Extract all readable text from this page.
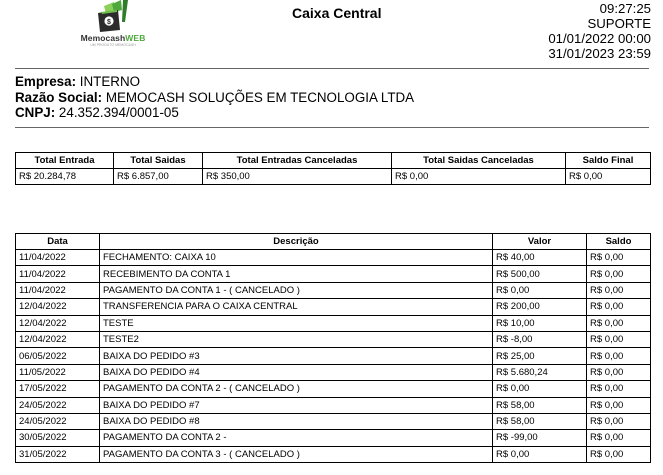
$
MemocashWEB
UM PRODUTO MEMOCASH
Caixa Central	09:27:25
SUPORTE
01/01/2022 00:00
31/01/2023 23:59
Empresa: INTERNO
Razão Social: MEMOCASH SOLUÇÕES EM TECNOLOGIA LTDA
CNPJ: 24.352.394/0001-05
Total Entrada	Total Saidas	Total Entradas Canceladas	Total Saidas Canceladas	Saldo Final
R$ 20.284,78	R$ 6.857,00	R$ 350,00	R$ 0,00	R$ 0,00
Data	Descrição	Valor	Saldo
11/04/2022	FECHAMENTO: CAIXA 10	R$ 40,00	R$ 0,00
11/04/2022	RECEBIMENTO DA CONTA 1	R$ 500,00	R$ 0,00
11/04/2022	PAGAMENTO DA CONTA 1 - ( CANCELADO )	R$ 0,00	R$ 0,00
12/04/2022	TRANSFERENCIA PARA O CAIXA CENTRAL	R$ 200,00	R$ 0,00
12/04/2022	TESTE	R$ 10,00	R$ 0,00
12/04/2022	TESTE2	R$ -8,00	R$ 0,00
06/05/2022	BAIXA DO PEDIDO #3	R$ 25,00	R$ 0,00
11/05/2022	BAIXA DO PEDIDO #4	R$ 5.680,24	R$ 0,00
17/05/2022	PAGAMENTO DA CONTA 2 - ( CANCELADO )	R$ 0,00	R$ 0,00
24/05/2022	BAIXA DO PEDIDO #7	R$ 58,00	R$ 0,00
24/05/2022	BAIXA DO PEDIDO #8	R$ 58,00	R$ 0,00
30/05/2022	PAGAMENTO DA CONTA 2 -	R$ -99,00	R$ 0,00
31/05/2022	PAGAMENTO DA CONTA 3 - ( CANCELADO )	R$ 0,00	R$ 0,00
